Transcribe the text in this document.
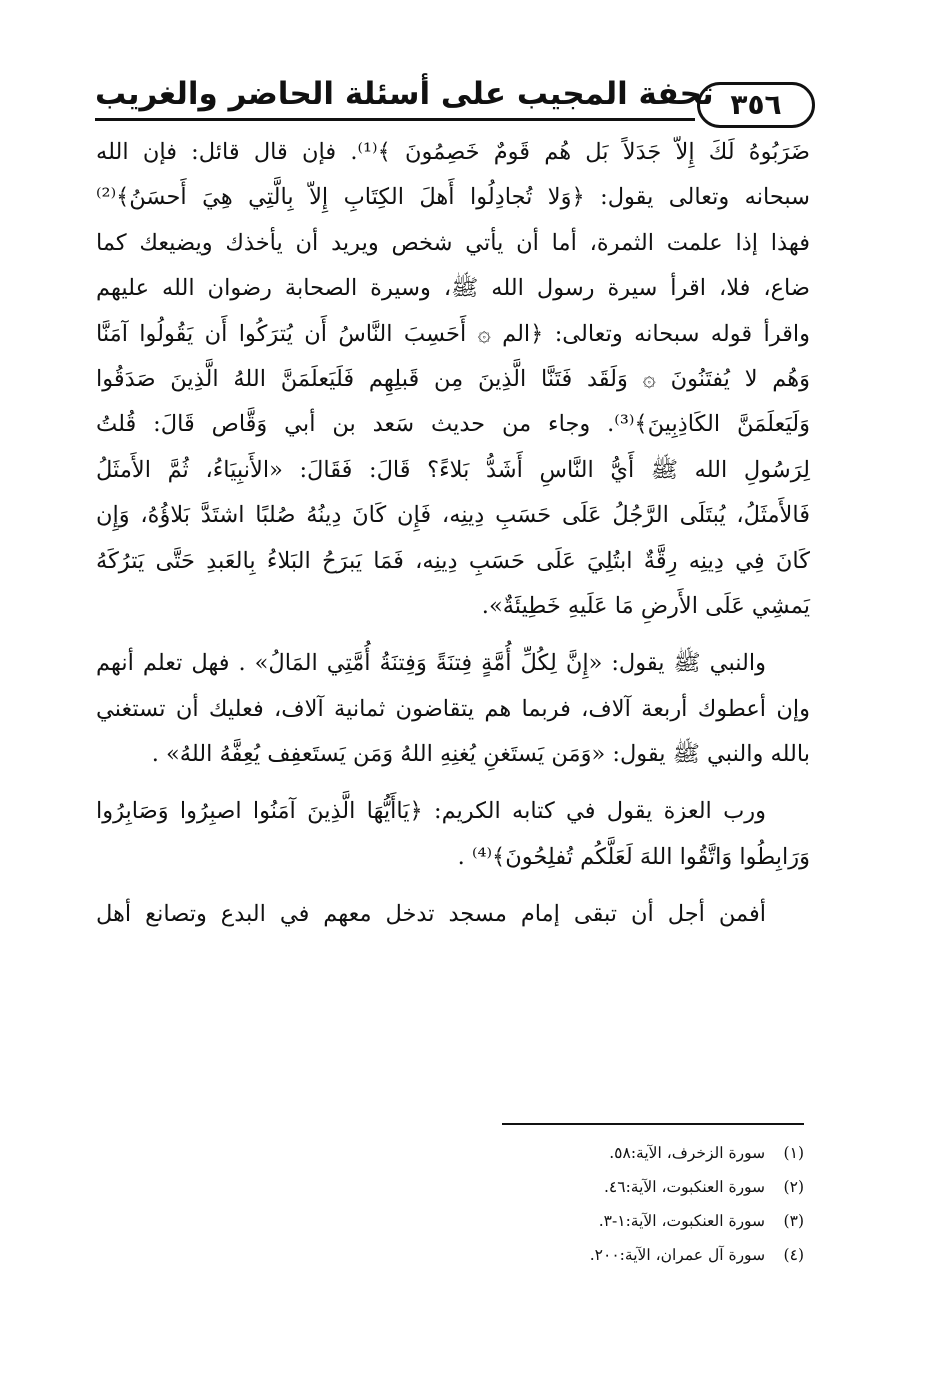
٣٥٦
تحفة المجيب على أسئلة الحاضر والغريب
ضَرَبُوهُ لَكَ إِلاّ جَدَلاً بَل هُم قَومٌ خَصِمُونَ ﴾⁽¹⁾. فإن قال قائل: فإن الله
سبحانه وتعالى يقول: ﴿وَلا تُجادِلُوا أَهلَ الكِتَابِ إِلاّ بِالَّتِي هِيَ أَحسَنُ﴾⁽²⁾
فهذا إذا علمت الثمرة، أما أن يأتي شخص ويريد أن يأخذك ويضيعك كما
ضاع، فلا، اقرأ سيرة رسول الله ﷺ، وسيرة الصحابة رضوان الله عليهم
واقرأ قوله سبحانه وتعالى: ﴿الم ۞ أَحَسِبَ النَّاسُ أَن يُترَكُوا أَن يَقُولُوا آمَنَّا
وَهُم لا يُفتَنُونَ ۞ وَلَقَد فَتَنَّا الَّذِينَ مِن قَبلِهِم فَلَيَعلَمَنَّ اللهُ الَّذِينَ صَدَقُوا
وَلَيَعلَمَنَّ الكَاذِبِينَ﴾⁽³⁾. وجاء من حديث سَعد بن أبي وَقَّاص قَالَ: قُلتُ
لِرَسُولِ الله ﷺ أَيُّ النَّاسِ أَشَدُّ بَلاءً؟ قَالَ: فَقَالَ: «الأَنبِيَاءُ، ثُمَّ الأَمثَلُ
فَالأَمثَلُ، يُبتَلَى الرَّجُلُ عَلَى حَسَبِ دِينِه، فَإِن كَانَ دِينُهُ صُلبًا اشتَدَّ بَلاؤُهُ، وَإِن
كَانَ فِي دِينِه رِقَّةٌ ابتُلِيَ عَلَى حَسَبِ دِينِه، فَمَا يَبرَحُ البَلاءُ بِالعَبدِ حَتَّى يَترُكَهُ
يَمشِي عَلَى الأَرضِ مَا عَلَيهِ خَطِيئَةٌ».
والنبي ﷺ يقول: «إِنَّ لِكُلِّ أُمَّةٍ فِتنَةً وَفِتنَةُ أُمَّتِي المَالُ» . فهل تعلم أنهم
وإن أعطوك أربعة آلاف، فربما هم يتقاضون ثمانية آلاف، فعليك أن تستغني
بالله والنبي ﷺ يقول: «وَمَن يَستَغنِ يُغنِهِ اللهُ وَمَن يَستَعفِف يُعِفَّهُ اللهُ» .
ورب العزة يقول في كتابه الكريم: ﴿يَاأَيُّهَا الَّذِينَ آمَنُوا اصبِرُوا وَصَابِرُوا
وَرَابِطُوا وَاتَّقُوا اللهَ لَعَلَّكُم تُفلِحُونَ﴾⁽⁴⁾ .
أفمن أجل أن تبقى إمام مسجد تدخل معهم في البدع وتصانع أهل
(١) سورة الزخرف، الآية:٥٨.
(٢) سورة العنكبوت، الآية:٤٦.
(٣) سورة العنكبوت، الآية:١-٣.
(٤) سورة آل عمران، الآية:٢٠٠.
